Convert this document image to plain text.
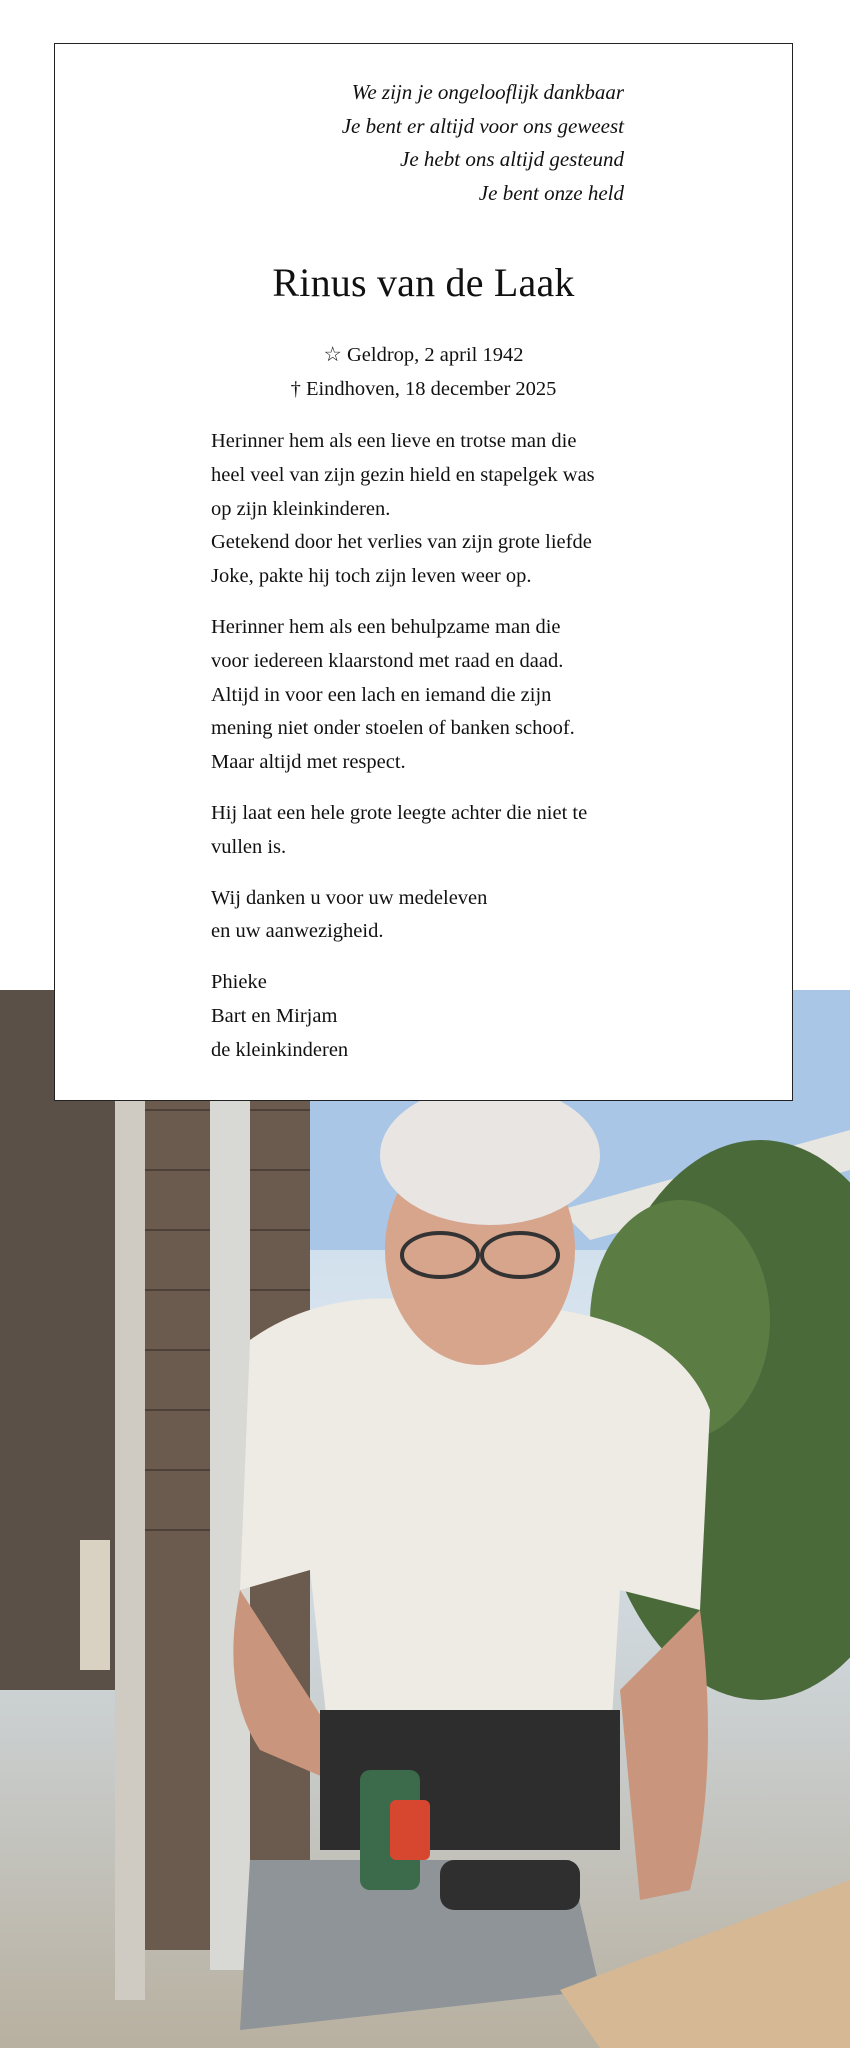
We zijn je ongelooflijk dankbaar
Je bent er altijd voor ons geweest
Je hebt ons altijd gesteund
Je bent onze held
Rinus van de Laak
☆ Geldrop, 2 april 1942
† Eindhoven, 18 december 2025

Herinner hem als een lieve en trotse man die
heel veel van zijn gezin hield en stapelgek was
op zijn kleinkinderen.
Getekend door het verlies van zijn grote liefde
Joke, pakte hij toch zijn leven weer op.

Herinner hem als een behulpzame man die
voor iedereen klaarstond met raad en daad.
Altijd in voor een lach en iemand die zijn
mening niet onder stoelen of banken schoof.
Maar altijd met respect.

Hij laat een hele grote leegte achter die niet te
vullen is.

Wij danken u voor uw medeleven
en uw aanwezigheid.

Phieke
Bart en Mirjam
de kleinkinderen
